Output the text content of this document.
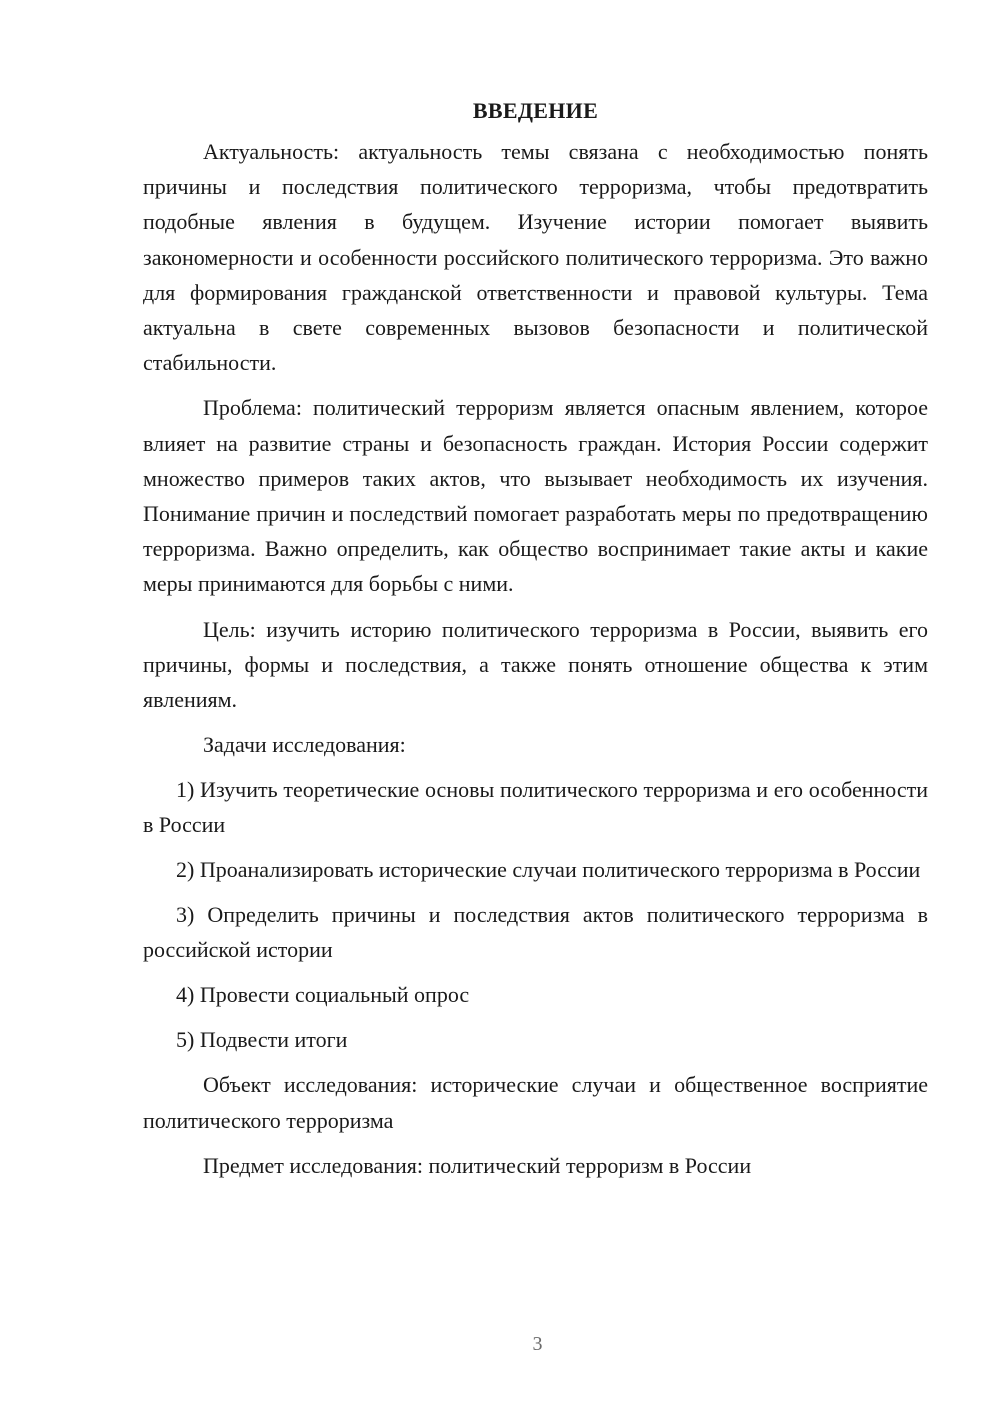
ВВЕДЕНИЕ

Актуальность: актуальность темы связана с необходимостью понять причины и последствия политического терроризма, чтобы предотвратить подобные явления в будущем. Изучение истории помогает выявить закономерности и особенности российского политического терроризма. Это важно для формирования гражданской ответственности и правовой культуры. Тема актуальна в свете современных вызовов безопасности и политической стабильности.

Проблема: политический терроризм является опасным явлением, которое влияет на развитие страны и безопасность граждан. История России содержит множество примеров таких актов, что вызывает необходимость их изучения. Понимание причин и последствий помогает разработать меры по предотвращению терроризма. Важно определить, как общество воспринимает такие акты и какие меры принимаются для борьбы с ними.

Цель: изучить историю политического терроризма в России, выявить его причины, формы и последствия, а также понять отношение общества к этим явлениям.

Задачи исследования:

1) Изучить теоретические основы политического терроризма и его особенности в России

2) Проанализировать исторические случаи политического терроризма в России

3) Определить причины и последствия актов политического терроризма в российской истории

4) Провести социальный опрос

5) Подвести итоги

Объект исследования: исторические случаи и общественное восприятие политического терроризма

Предмет исследования: политический терроризм в России

3
